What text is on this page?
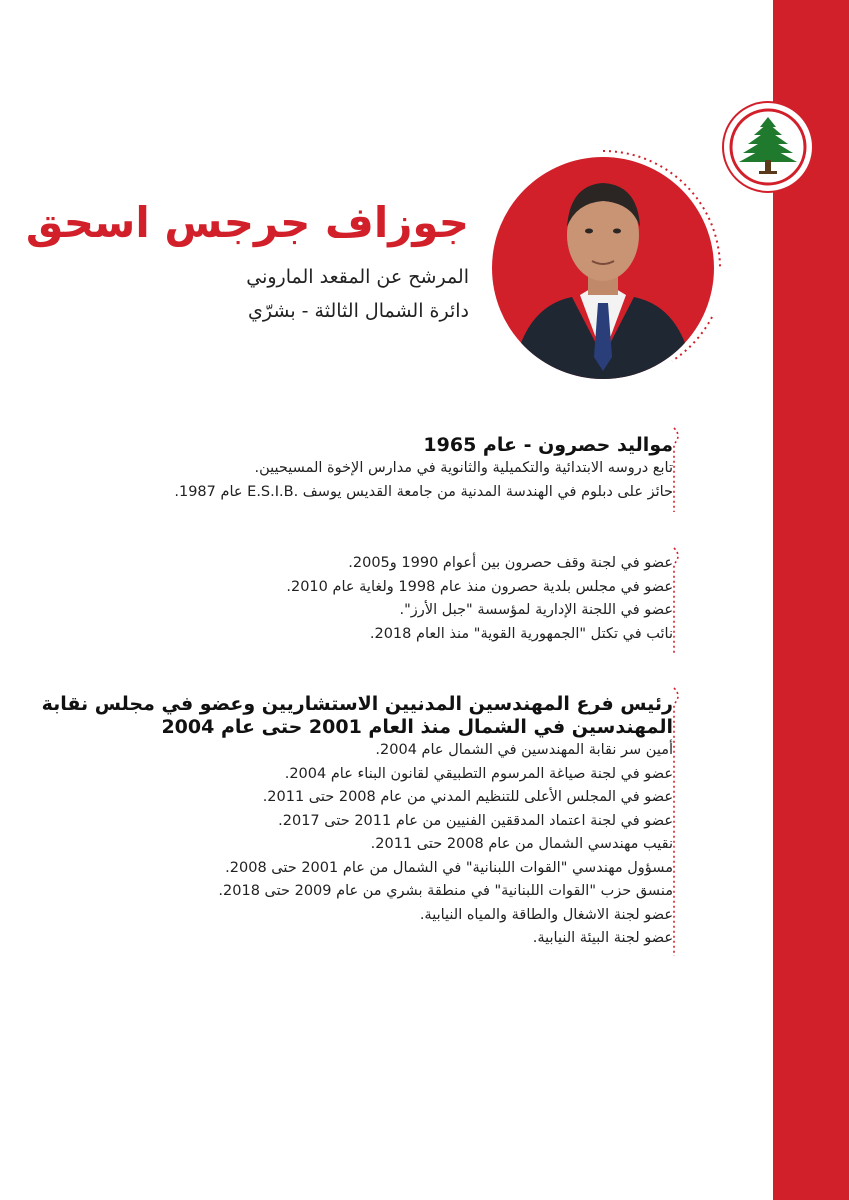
جوزاف جرجس اسحق

المرشح عن المقعد الماروني

دائرة الشمال الثالثة - بشرّي

مواليد حصرون - عام 1965
تابع دروسه الابتدائية والتكميلية والثانوية في مدارس الإخوة المسيحيين.
حائز على دبلوم في الهندسة المدنية من جامعة القديس يوسف .E.S.I.B عام 1987.
عضو في لجنة وقف حصرون بين أعوام 1990 و2005.
عضو في مجلس بلدية حصرون منذ عام 1998 ولغاية عام 2010.
عضو في اللجنة الإدارية لمؤسسة "جبل الأرز".
نائب في تكتل "الجمهورية القوية" منذ العام 2018.
رئيس فرع المهندسين المدنيين الاستشاريين وعضو في مجلس نقابة
المهندسين في الشمال منذ العام 2001 حتى عام 2004
أمين سر نقابة المهندسين في الشمال عام 2004.
عضو في لجنة صياغة المرسوم التطبيقي لقانون البناء عام 2004.
عضو في المجلس الأعلى للتنظيم المدني من عام 2008 حتى 2011.
عضو في لجنة اعتماد المدققين الفنيين من عام 2011 حتى 2017.
نقيب مهندسي الشمال من عام 2008 حتى 2011.
مسؤول مهندسي "القوات اللبنانية" في الشمال من عام 2001 حتى 2008.
منسق حزب "القوات اللبنانية" في منطقة بشري من عام 2009 حتى 2018.
عضو لجنة الاشغال والطاقة والمياه النيابية.
عضو لجنة البيئة النيابية.
